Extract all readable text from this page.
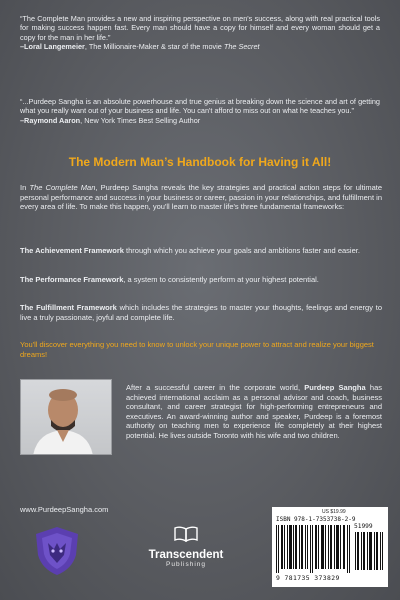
“The Complete Man provides a new and inspiring perspective on men's success, along with real practical tools for making success happen fast. Every man should have a copy for himself and every woman should get a copy for the man in her life.”
–Loral Langemeier, The Millionaire-Maker & star of the movie The Secret
“...Purdeep Sangha is an absolute powerhouse and true genius at breaking down the science and art of getting what you really want out of your business and life. You can't afford to miss out on what he teaches you.”
–Raymond Aaron, New York Times Best Selling Author
The Modern Man’s Handbook for Having it All!
In The Complete Man, Purdeep Sangha reveals the key strategies and practical action steps for ultimate personal performance and success in your business or career, passion in your relationships, and fulfillment in every area of life. To make this happen, you'll learn to master life's three fundamental frameworks:
The Achievement Framework through which you achieve your goals and ambitions faster and easier.
The Performance Framework, a system to consistently perform at your highest potential.
The Fulfillment Framework which includes the strategies to master your thoughts, feelings and energy to live a truly passionate, joyful and complete life.
You'll discover everything you need to know to unlock your unique power to attract and realize your biggest dreams!
After a successful career in the corporate world, Purdeep Sangha has achieved international acclaim as a personal advisor and coach, business consultant, and career strategist for high-performing entrepreneurs and executives. An award-winning author and speaker, Purdeep is a foremost authority on teaching men to experience life completely at their highest potential. He lives outside Toronto with his wife and two children.
www.PurdeepSangha.com
Transcendent
Publishing
US $19.99
ISBN 978-1-7353738-2-9
51999
9 781735 373829
